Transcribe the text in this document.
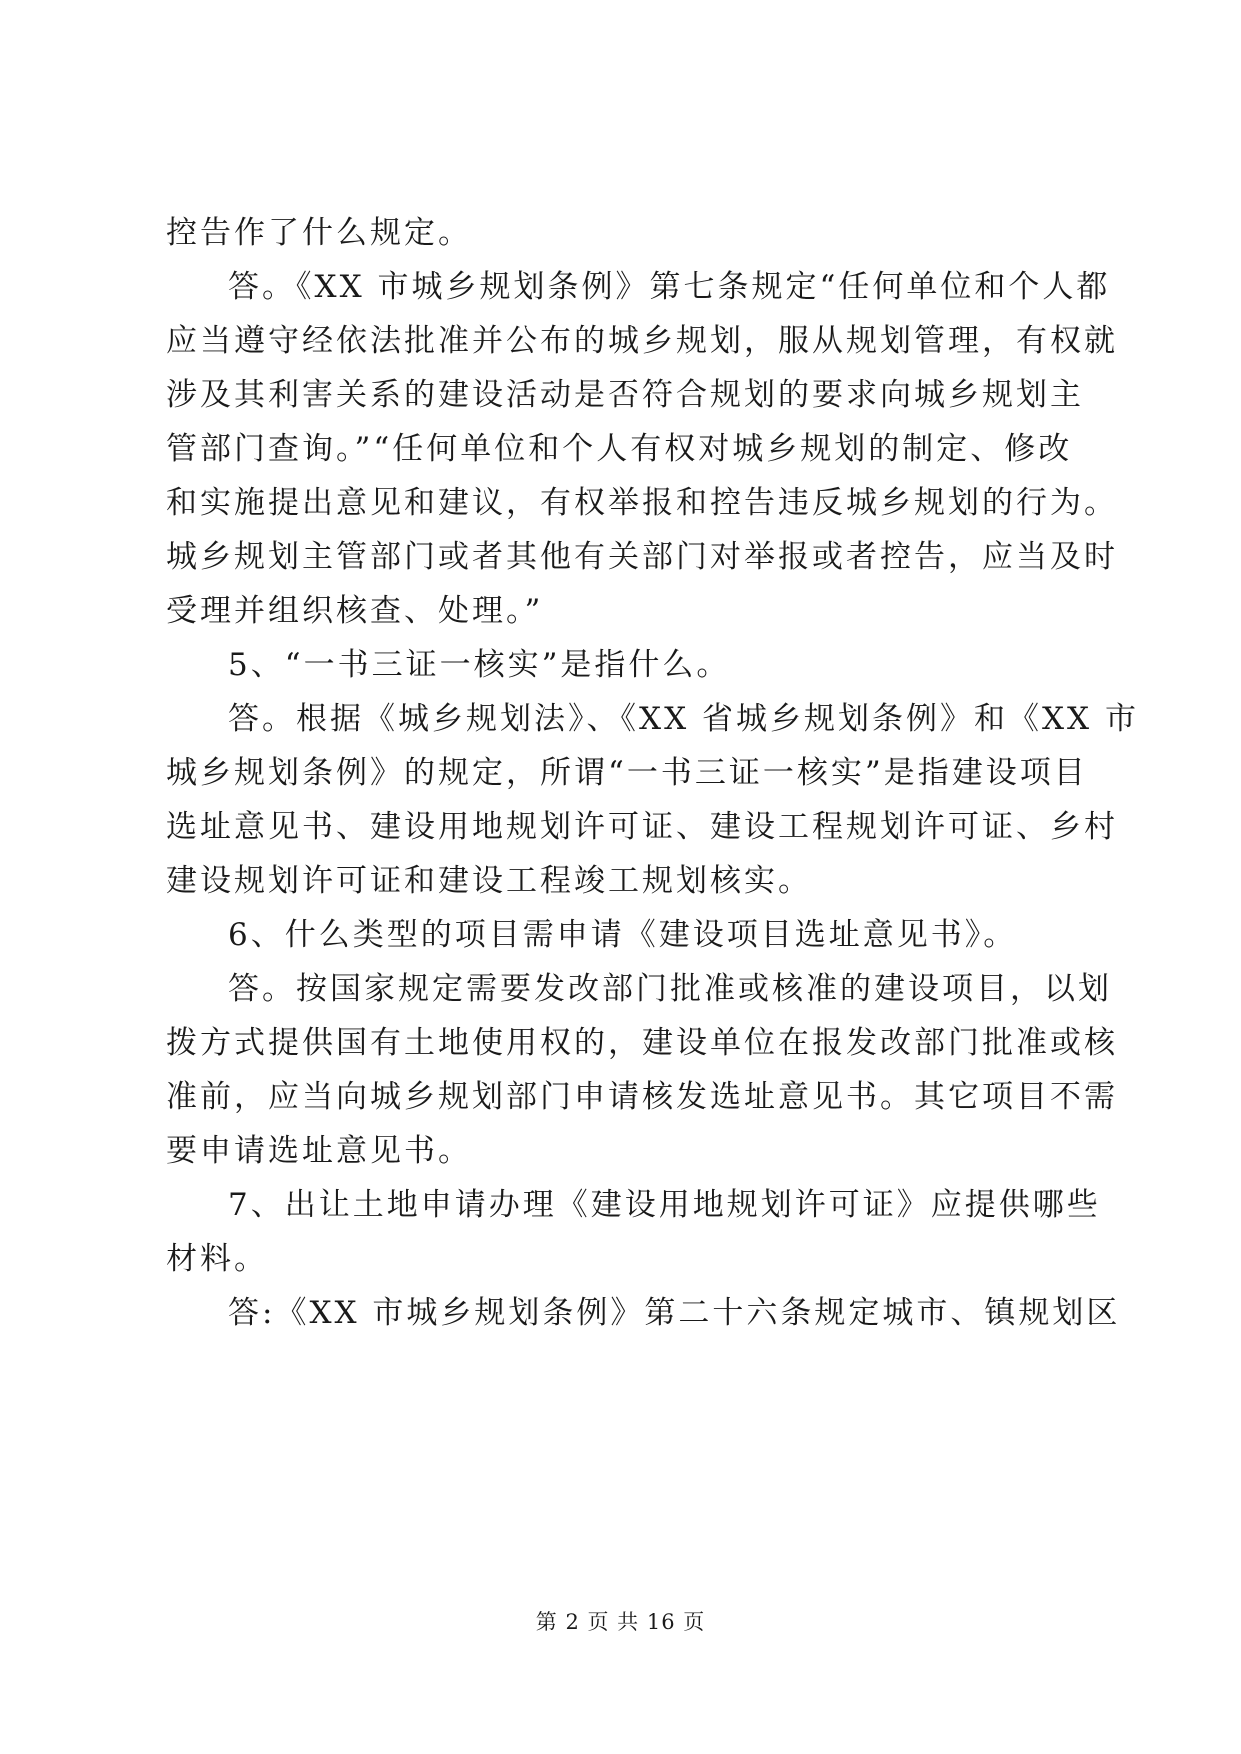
控告作了什么规定。

答。《XX 市城乡规划条例》第七条规定“任何单位和个人都

应当遵守经依法批准并公布的城乡规划，服从规划管理，有权就

涉及其利害关系的建设活动是否符合规划的要求向城乡规划主

管部门查询。”“任何单位和个人有权对城乡规划的制定、修改

和实施提出意见和建议，有权举报和控告违反城乡规划的行为。

城乡规划主管部门或者其他有关部门对举报或者控告，应当及时

受理并组织核查、处理。”

5、“一书三证一核实”是指什么。

答。根据《城乡规划法》、《XX 省城乡规划条例》和《XX 市

城乡规划条例》的规定，所谓“一书三证一核实”是指建设项目

选址意见书、建设用地规划许可证、建设工程规划许可证、乡村

建设规划许可证和建设工程竣工规划核实。

6、什么类型的项目需申请《建设项目选址意见书》。

答。按国家规定需要发改部门批准或核准的建设项目，以划

拨方式提供国有土地使用权的，建设单位在报发改部门批准或核

准前，应当向城乡规划部门申请核发选址意见书。其它项目不需

要申请选址意见书。

7、出让土地申请办理《建设用地规划许可证》应提供哪些

材料。

答:《XX 市城乡规划条例》第二十六条规定城市、镇规划区

第 2 页 共 16 页
